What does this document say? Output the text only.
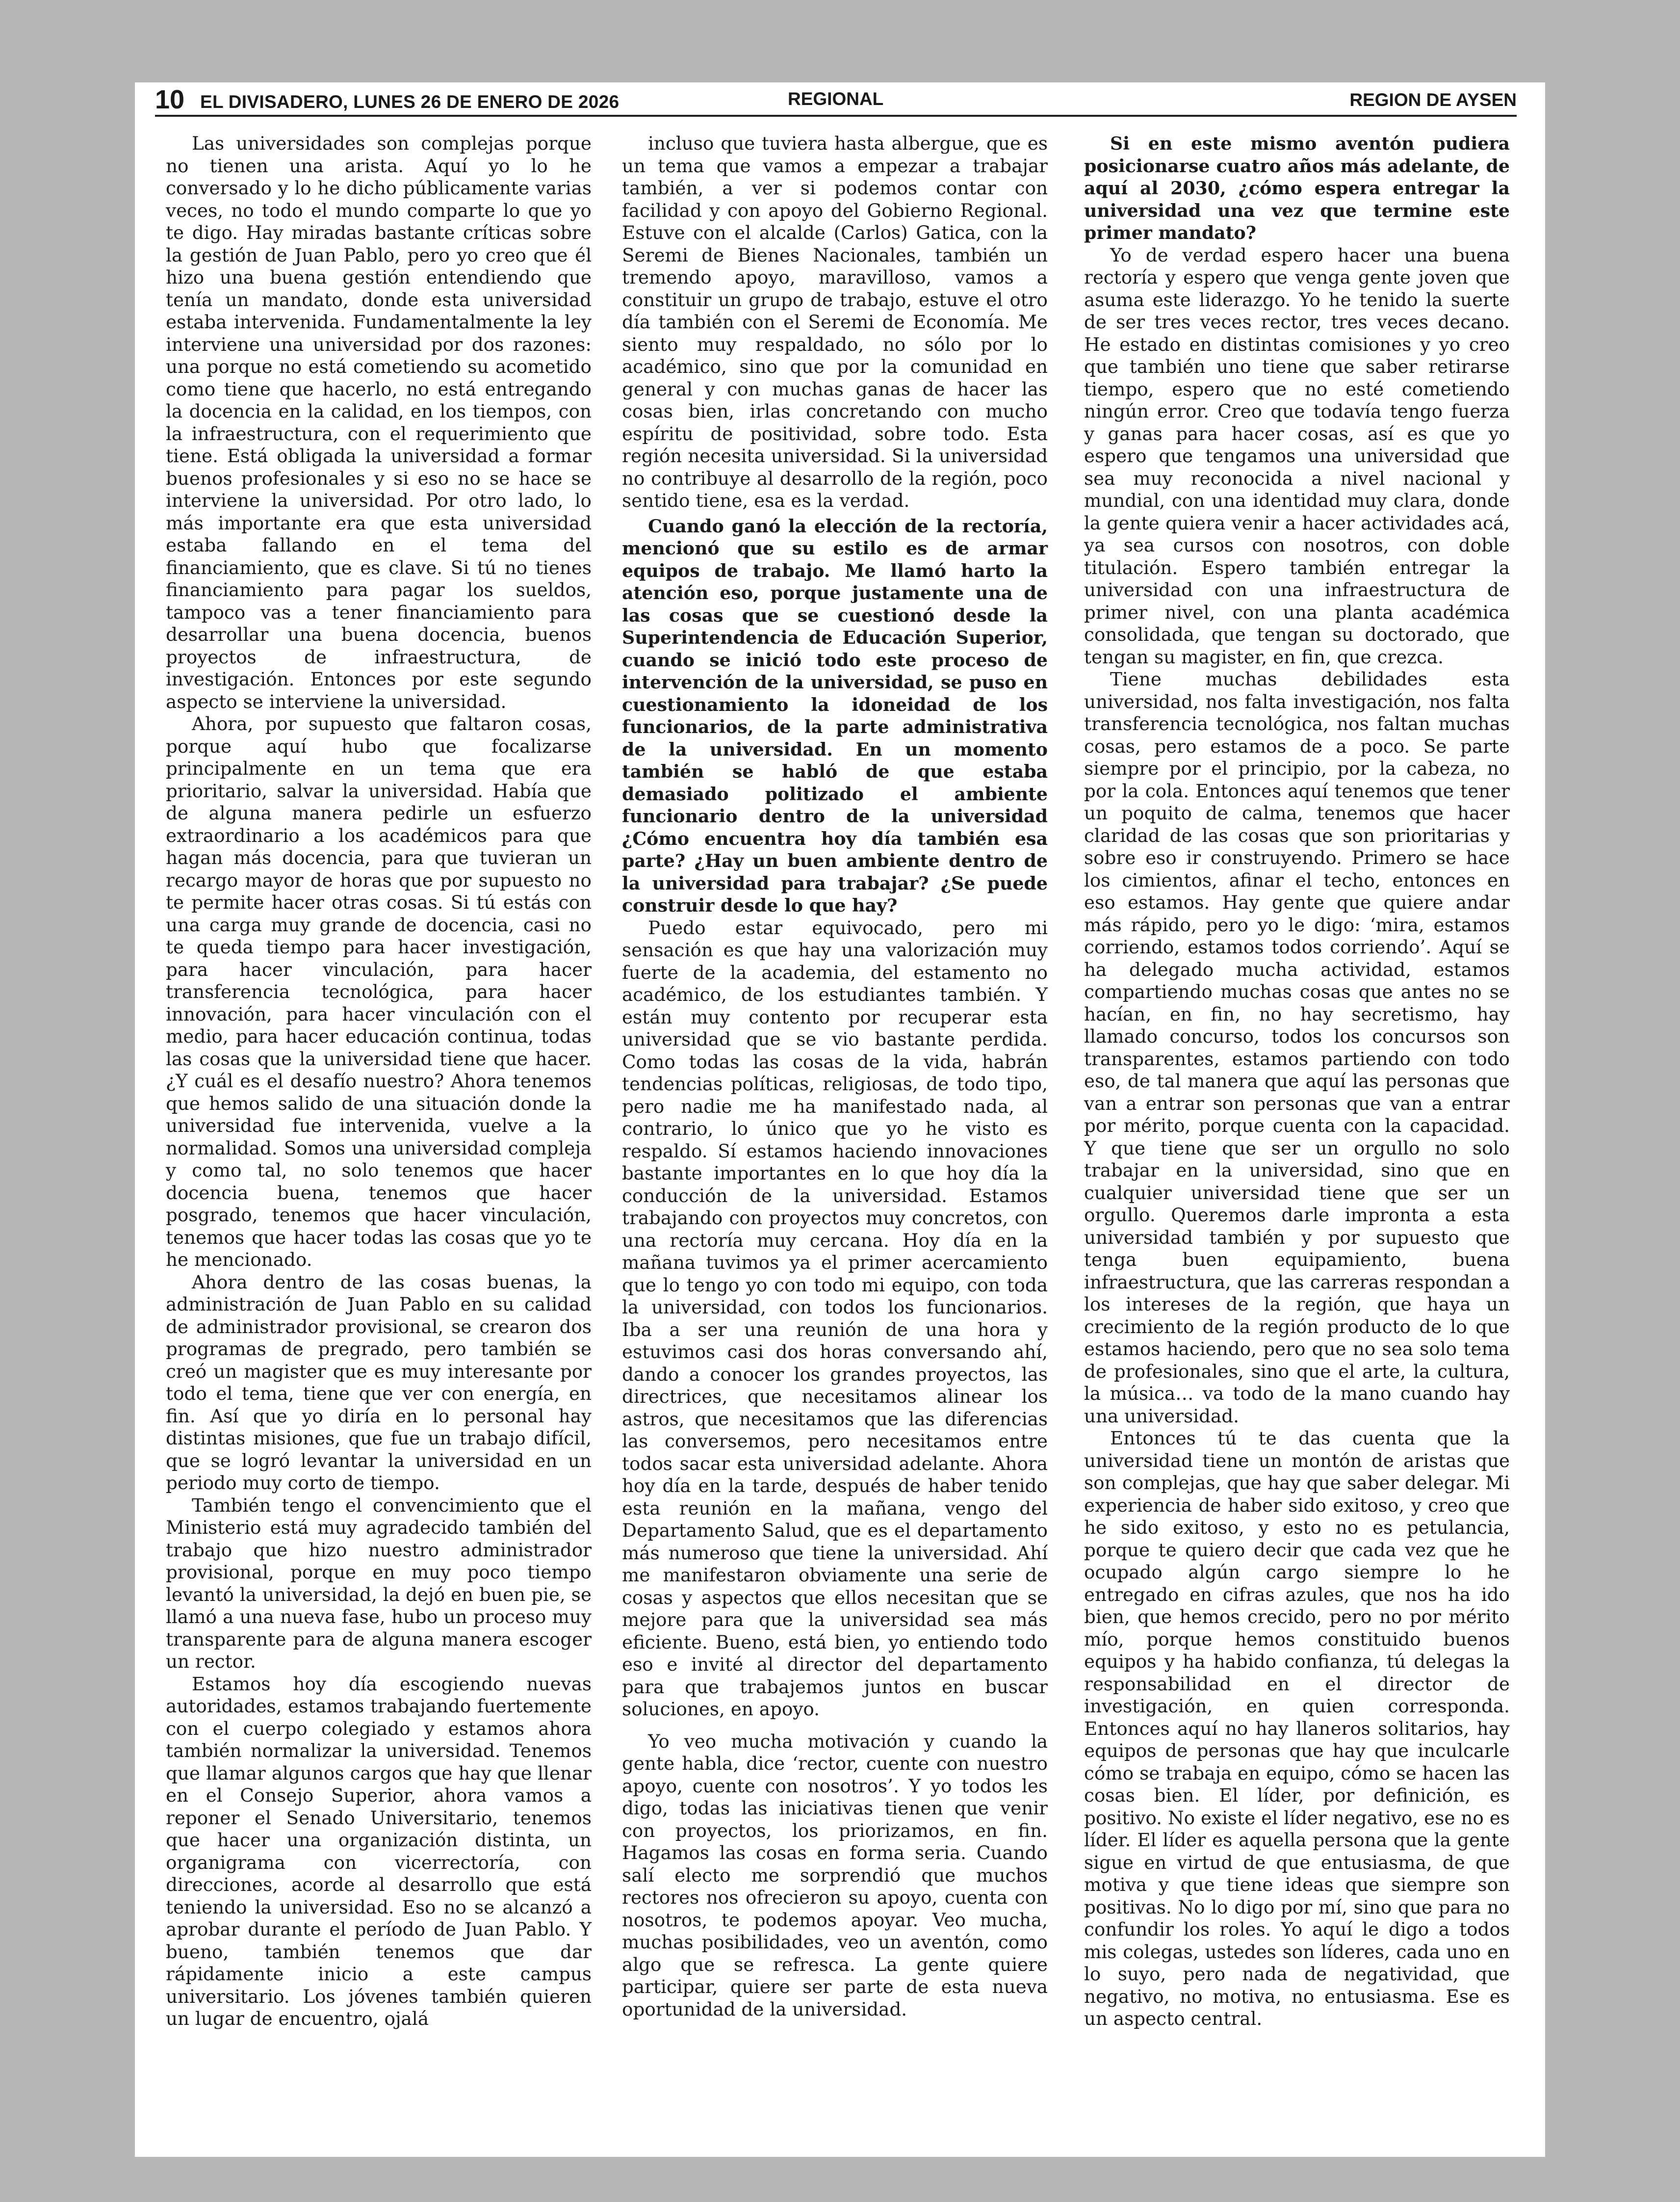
10 EL DIVISADERO, LUNES 26 DE ENERO DE 2026	REGIONAL	REGION DE AYSEN

Las universidades son complejas porque no tienen una arista. Aquí yo lo he conversado y lo he dicho públicamente varias veces, no todo el mundo comparte lo que yo te digo. Hay miradas bastante críticas sobre la gestión de Juan Pablo, pero yo creo que él hizo una buena gestión entendiendo que tenía un mandato, donde esta universidad estaba intervenida. Fundamentalmente la ley interviene una universidad por dos razones: una porque no está cometiendo su acometido como tiene que hacerlo, no está entregando la docencia en la calidad, en los tiempos, con la infraestructura, con el requerimiento que tiene. Está obligada la universidad a formar buenos profesionales y si eso no se hace se interviene la universidad. Por otro lado, lo más importante era que esta universidad estaba fallando en el tema del financiamiento, que es clave. Si tú no tienes financiamiento para pagar los sueldos, tampoco vas a tener financiamiento para desarrollar una buena docencia, buenos proyectos de infraestructura, de investigación. Entonces por este segundo aspecto se interviene la universidad.

Ahora, por supuesto que faltaron cosas, porque aquí hubo que focalizarse principalmente en un tema que era prioritario, salvar la universidad. Había que de alguna manera pedirle un esfuerzo extraordinario a los académicos para que hagan más docencia, para que tuvieran un recargo mayor de horas que por supuesto no te permite hacer otras cosas. Si tú estás con una carga muy grande de docencia, casi no te queda tiempo para hacer investigación, para hacer vinculación, para hacer transferencia tecnológica, para hacer innovación, para hacer vinculación con el medio, para hacer educación continua, todas las cosas que la universidad tiene que hacer. ¿Y cuál es el desafío nuestro? Ahora tenemos que hemos salido de una situación donde la universidad fue intervenida, vuelve a la normalidad. Somos una universidad compleja y como tal, no solo tenemos que hacer docencia buena, tenemos que hacer posgrado, tenemos que hacer vinculación, tenemos que hacer todas las cosas que yo te he mencionado.

Ahora dentro de las cosas buenas, la administración de Juan Pablo en su calidad de administrador provisional, se crearon dos programas de pregrado, pero también se creó un magister que es muy interesante por todo el tema, tiene que ver con energía, en fin. Así que yo diría en lo personal hay distintas misiones, que fue un trabajo difícil, que se logró levantar la universidad en un periodo muy corto de tiempo.

También tengo el convencimiento que el Ministerio está muy agradecido también del trabajo que hizo nuestro administrador provisional, porque en muy poco tiempo levantó la universidad, la dejó en buen pie, se llamó a una nueva fase, hubo un proceso muy transparente para de alguna manera escoger un rector.

Estamos hoy día escogiendo nuevas autoridades, estamos trabajando fuertemente con el cuerpo colegiado y estamos ahora también normalizar la universidad. Tenemos que llamar algunos cargos que hay que llenar en el Consejo Superior, ahora vamos a reponer el Senado Universitario, tenemos que hacer una organización distinta, un organigrama con vicerrectoría, con direcciones, acorde al desarrollo que está teniendo la universidad. Eso no se alcanzó a aprobar durante el período de Juan Pablo. Y bueno, también tenemos que dar rápidamente inicio a este campus universitario. Los jóvenes también quieren un lugar de encuentro, ojalá

incluso que tuviera hasta albergue, que es un tema que vamos a empezar a trabajar también, a ver si podemos contar con facilidad y con apoyo del Gobierno Regional. Estuve con el alcalde (Carlos) Gatica, con la Seremi de Bienes Nacionales, también un tremendo apoyo, maravilloso, vamos a constituir un grupo de trabajo, estuve el otro día también con el Seremi de Economía. Me siento muy respaldado, no sólo por lo académico, sino que por la comunidad en general y con muchas ganas de hacer las cosas bien, irlas concretando con mucho espíritu de positividad, sobre todo. Esta región necesita universidad. Si la universidad no contribuye al desarrollo de la región, poco sentido tiene, esa es la verdad.

Cuando ganó la elección de la rectoría, mencionó que su estilo es de armar equipos de trabajo. Me llamó harto la atención eso, porque justamente una de las cosas que se cuestionó desde la Superintendencia de Educación Superior, cuando se inició todo este proceso de intervención de la universidad, se puso en cuestionamiento la idoneidad de los funcionarios, de la parte administrativa de la universidad. En un momento también se habló de que estaba demasiado politizado el ambiente funcionario dentro de la universidad ¿Cómo encuentra hoy día también esa parte? ¿Hay un buen ambiente dentro de la universidad para trabajar? ¿Se puede construir desde lo que hay?

Puedo estar equivocado, pero mi sensación es que hay una valorización muy fuerte de la academia, del estamento no académico, de los estudiantes también. Y están muy contento por recuperar esta universidad que se vio bastante perdida. Como todas las cosas de la vida, habrán tendencias políticas, religiosas, de todo tipo, pero nadie me ha manifestado nada, al contrario, lo único que yo he visto es respaldo. Sí estamos haciendo innovaciones bastante importantes en lo que hoy día la conducción de la universidad. Estamos trabajando con proyectos muy concretos, con una rectoría muy cercana. Hoy día en la mañana tuvimos ya el primer acercamiento que lo tengo yo con todo mi equipo, con toda la universidad, con todos los funcionarios. Iba a ser una reunión de una hora y estuvimos casi dos horas conversando ahí, dando a conocer los grandes proyectos, las directrices, que necesitamos alinear los astros, que necesitamos que las diferencias las conversemos, pero necesitamos entre todos sacar esta universidad adelante. Ahora hoy día en la tarde, después de haber tenido esta reunión en la mañana, vengo del Departamento Salud, que es el departamento más numeroso que tiene la universidad. Ahí me manifestaron obviamente una serie de cosas y aspectos que ellos necesitan que se mejore para que la universidad sea más eficiente. Bueno, está bien, yo entiendo todo eso e invité al director del departamento para que trabajemos juntos en buscar soluciones, en apoyo.

Yo veo mucha motivación y cuando la gente habla, dice ‘rector, cuente con nuestro apoyo, cuente con nosotros’. Y yo todos les digo, todas las iniciativas tienen que venir con proyectos, los priorizamos, en fin. Hagamos las cosas en forma seria. Cuando salí electo me sorprendió que muchos rectores nos ofrecieron su apoyo, cuenta con nosotros, te podemos apoyar. Veo mucha, muchas posibilidades, veo un aventón, como algo que se refresca. La gente quiere participar, quiere ser parte de esta nueva oportunidad de la universidad.

Si en este mismo aventón pudiera posicionarse cuatro años más adelante, de aquí al 2030, ¿cómo espera entregar la universidad una vez que termine este primer mandato?

Yo de verdad espero hacer una buena rectoría y espero que venga gente joven que asuma este liderazgo. Yo he tenido la suerte de ser tres veces rector, tres veces decano. He estado en distintas comisiones y yo creo que también uno tiene que saber retirarse tiempo, espero que no esté cometiendo ningún error. Creo que todavía tengo fuerza y ganas para hacer cosas, así es que yo espero que tengamos una universidad que sea muy reconocida a nivel nacional y mundial, con una identidad muy clara, donde la gente quiera venir a hacer actividades acá, ya sea cursos con nosotros, con doble titulación. Espero también entregar la universidad con una infraestructura de primer nivel, con una planta académica consolidada, que tengan su doctorado, que tengan su magister, en fin, que crezca.

Tiene muchas debilidades esta universidad, nos falta investigación, nos falta transferencia tecnológica, nos faltan muchas cosas, pero estamos de a poco. Se parte siempre por el principio, por la cabeza, no por la cola. Entonces aquí tenemos que tener un poquito de calma, tenemos que hacer claridad de las cosas que son prioritarias y sobre eso ir construyendo. Primero se hace los cimientos, afinar el techo, entonces en eso estamos. Hay gente que quiere andar más rápido, pero yo le digo: ‘mira, estamos corriendo, estamos todos corriendo’. Aquí se ha delegado mucha actividad, estamos compartiendo muchas cosas que antes no se hacían, en fin, no hay secretismo, hay llamado concurso, todos los concursos son transparentes, estamos partiendo con todo eso, de tal manera que aquí las personas que van a entrar son personas que van a entrar por mérito, porque cuenta con la capacidad. Y que tiene que ser un orgullo no solo trabajar en la universidad, sino que en cualquier universidad tiene que ser un orgullo. Queremos darle impronta a esta universidad también y por supuesto que tenga buen equipamiento, buena infraestructura, que las carreras respondan a los intereses de la región, que haya un crecimiento de la región producto de lo que estamos haciendo, pero que no sea solo tema de profesionales, sino que el arte, la cultura, la música… va todo de la mano cuando hay una universidad.

Entonces tú te das cuenta que la universidad tiene un montón de aristas que son complejas, que hay que saber delegar. Mi experiencia de haber sido exitoso, y creo que he sido exitoso, y esto no es petulancia, porque te quiero decir que cada vez que he ocupado algún cargo siempre lo he entregado en cifras azules, que nos ha ido bien, que hemos crecido, pero no por mérito mío, porque hemos constituido buenos equipos y ha habido confianza, tú delegas la responsabilidad en el director de investigación, en quien corresponda. Entonces aquí no hay llaneros solitarios, hay equipos de personas que hay que inculcarle cómo se trabaja en equipo, cómo se hacen las cosas bien. El líder, por definición, es positivo. No existe el líder negativo, ese no es líder. El líder es aquella persona que la gente sigue en virtud de que entusiasma, de que motiva y que tiene ideas que siempre son positivas. No lo digo por mí, sino que para no confundir los roles. Yo aquí le digo a todos mis colegas, ustedes son líderes, cada uno en lo suyo, pero nada de negatividad, que negativo, no motiva, no entusiasma. Ese es un aspecto central.
